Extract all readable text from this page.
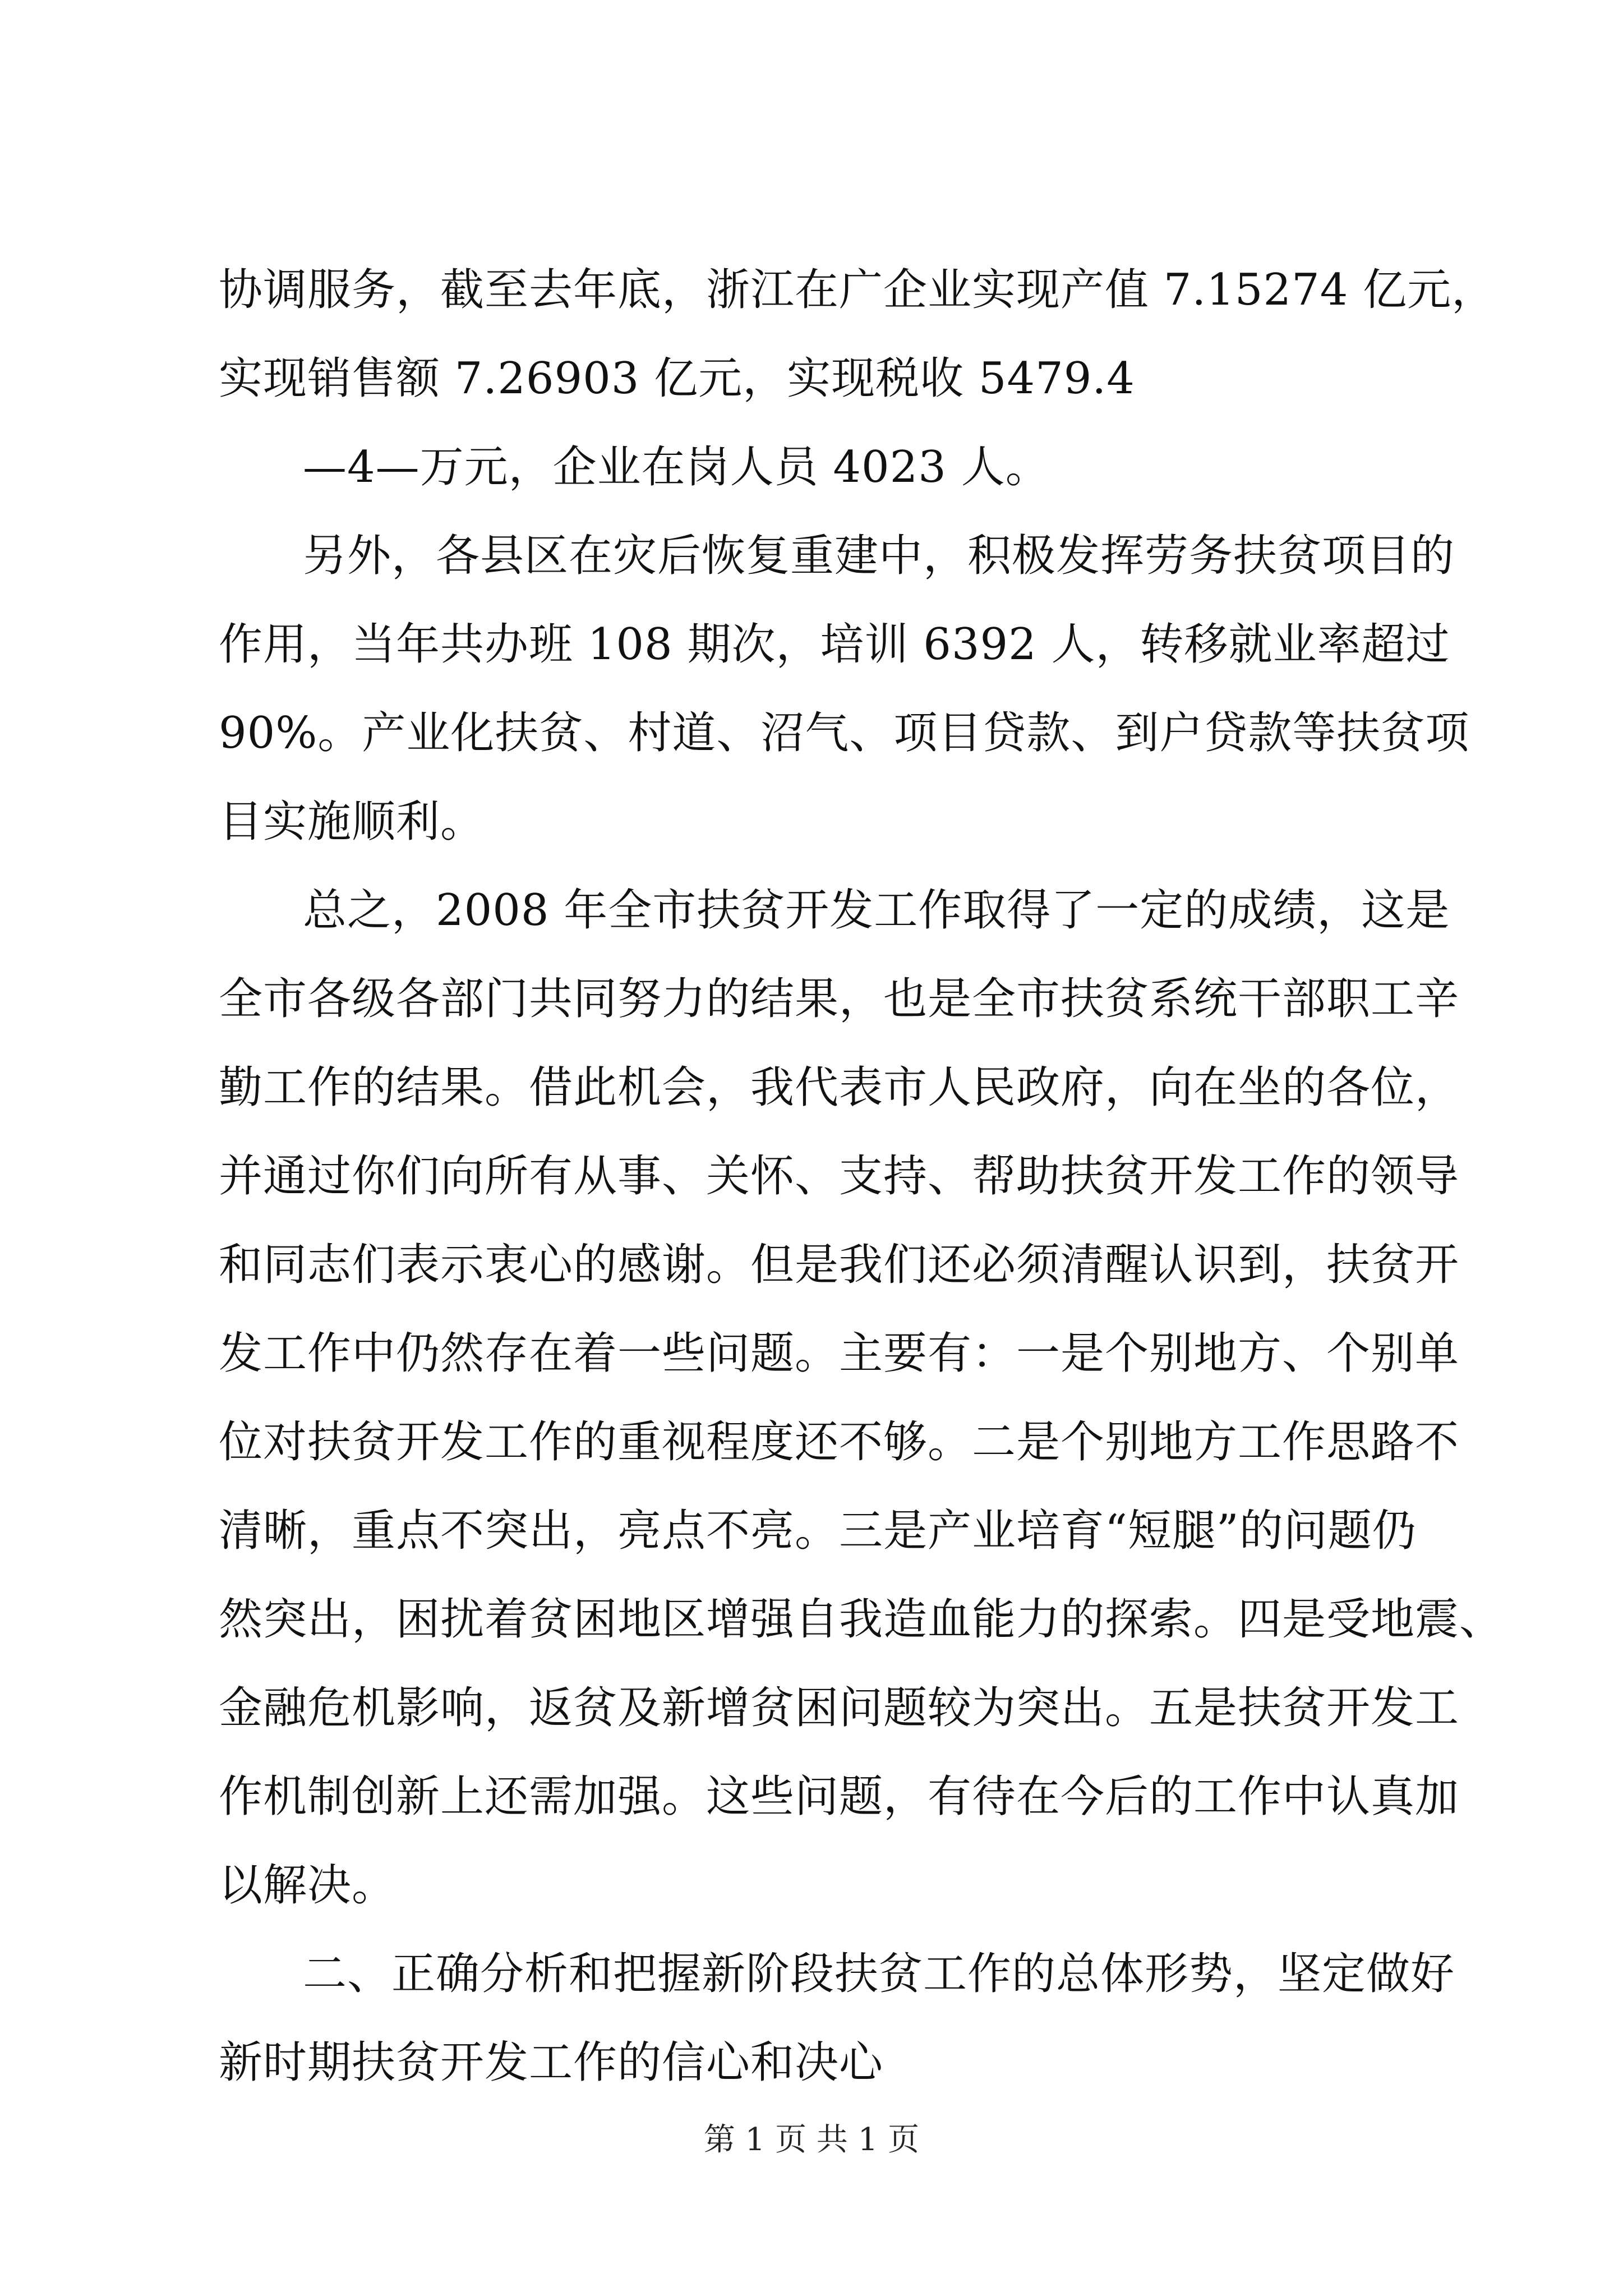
协调服务，截至去年底，浙江在广企业实现产值 7.15274 亿元，
实现销售额 7.26903 亿元，实现税收 5479.4
—4—万元，企业在岗人员 4023 人。
另外，各县区在灾后恢复重建中，积极发挥劳务扶贫项目的
作用，当年共办班 108 期次，培训 6392 人，转移就业率超过
90%。产业化扶贫、村道、沼气、项目贷款、到户贷款等扶贫项
目实施顺利。
总之，2008 年全市扶贫开发工作取得了一定的成绩，这是
全市各级各部门共同努力的结果，也是全市扶贫系统干部职工辛
勤工作的结果。借此机会，我代表市人民政府，向在坐的各位，
并通过你们向所有从事、关怀、支持、帮助扶贫开发工作的领导
和同志们表示衷心的感谢。但是我们还必须清醒认识到，扶贫开
发工作中仍然存在着一些问题。主要有：一是个别地方、个别单
位对扶贫开发工作的重视程度还不够。二是个别地方工作思路不
清晰，重点不突出，亮点不亮。三是产业培育“短腿”的问题仍
然突出，困扰着贫困地区增强自我造血能力的探索。四是受地震、
金融危机影响，返贫及新增贫困问题较为突出。五是扶贫开发工
作机制创新上还需加强。这些问题，有待在今后的工作中认真加
以解决。
二、正确分析和把握新阶段扶贫工作的总体形势，坚定做好
新时期扶贫开发工作的信心和决心
第 1 页 共 1 页
